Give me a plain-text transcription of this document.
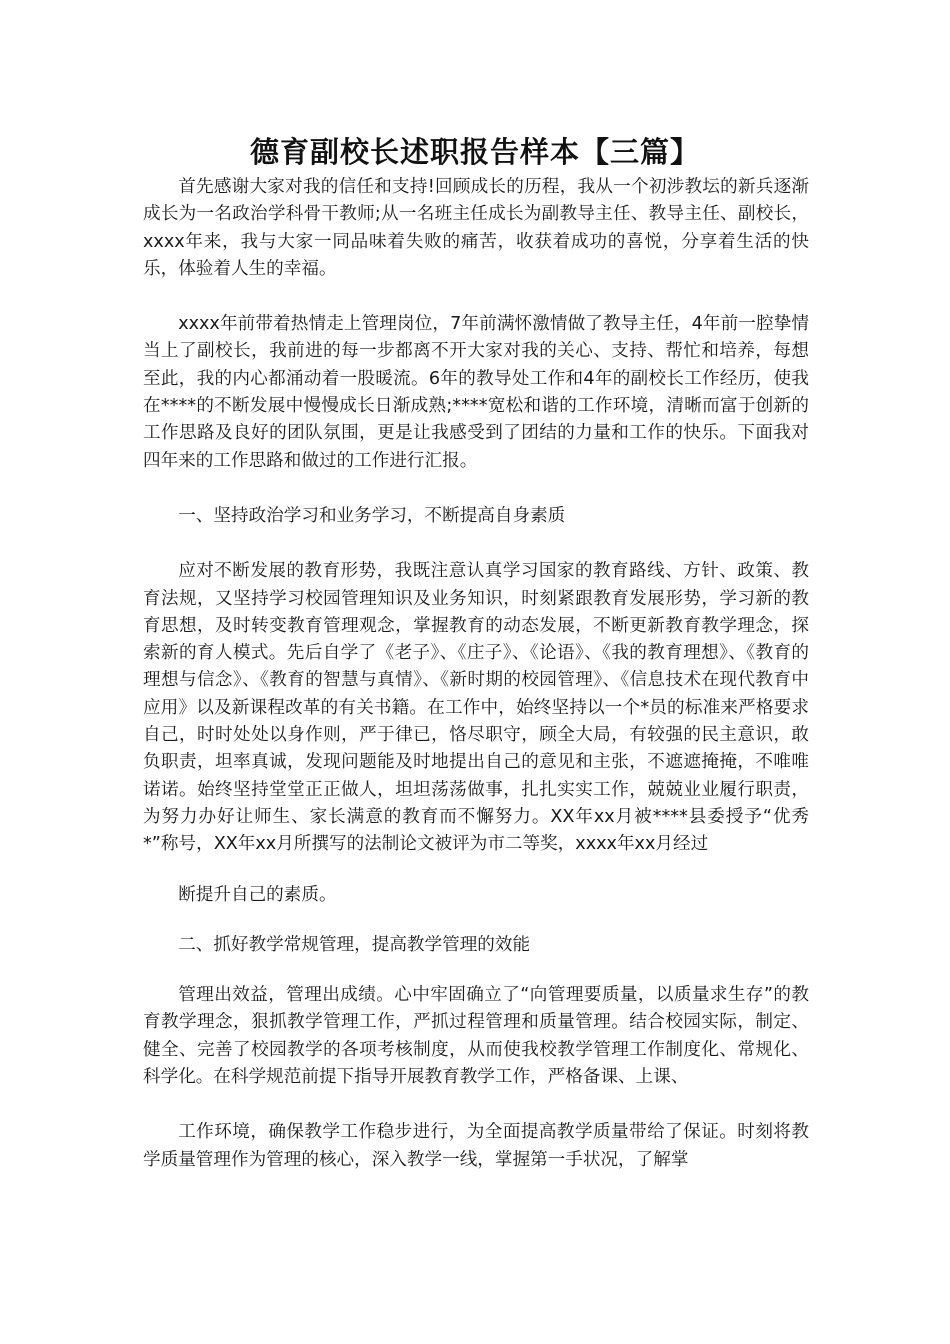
德育副校长述职报告样本【三篇】

首先感谢大家对我的信任和支持!回顾成长的历程，我从一个初涉教坛的新兵逐渐成长为一名政治学科骨干教师;从一名班主任成长为副教导主任、教导主任、副校长，xxxx年来，我与大家一同品味着失败的痛苦，收获着成功的喜悦，分享着生活的快乐，体验着人生的幸福。

xxxx年前带着热情走上管理岗位，7年前满怀激情做了教导主任，4年前一腔挚情当上了副校长，我前进的每一步都离不开大家对我的关心、支持、帮忙和培养，每想至此，我的内心都涌动着一股暖流。6年的教导处工作和4年的副校长工作经历，使我在****的不断发展中慢慢成长日渐成熟;****宽松和谐的工作环境，清晰而富于创新的工作思路及良好的团队氛围，更是让我感受到了团结的力量和工作的快乐。下面我对四年来的工作思路和做过的工作进行汇报。

一、坚持政治学习和业务学习，不断提高自身素质

应对不断发展的教育形势，我既注意认真学习国家的教育路线、方针、政策、教育法规，又坚持学习校园管理知识及业务知识，时刻紧跟教育发展形势，学习新的教育思想，及时转变教育管理观念，掌握教育的动态发展，不断更新教育教学理念，探索新的育人模式。先后自学了《老子》、《庄子》、《论语》、《我的教育理想》、《教育的理想与信念》、《教育的智慧与真情》、《新时期的校园管理》、《信息技术在现代教育中应用》以及新课程改革的有关书籍。在工作中，始终坚持以一个*员的标准来严格要求自己，时时处处以身作则，严于律已，恪尽职守，顾全大局，有较强的民主意识，敢负职责，坦率真诚，发现问题能及时地提出自己的意见和主张，不遮遮掩掩，不唯唯诺诺。始终坚持堂堂正正做人，坦坦荡荡做事，扎扎实实工作，兢兢业业履行职责，为努力办好让师生、家长满意的教育而不懈努力。XX年xx月被****县委授予“优秀*”称号，XX年xx月所撰写的法制论文被评为市二等奖，xxxx年xx月经过

断提升自己的素质。

二、抓好教学常规管理，提高教学管理的效能

管理出效益，管理出成绩。心中牢固确立了“向管理要质量，以质量求生存”的教育教学理念，狠抓教学管理工作，严抓过程管理和质量管理。结合校园实际，制定、健全、完善了校园教学的各项考核制度，从而使我校教学管理工作制度化、常规化、科学化。在科学规范前提下指导开展教育教学工作，严格备课、上课、

工作环境，确保教学工作稳步进行，为全面提高教学质量带给了保证。时刻将教学质量管理作为管理的核心，深入教学一线，掌握第一手状况，了解掌
